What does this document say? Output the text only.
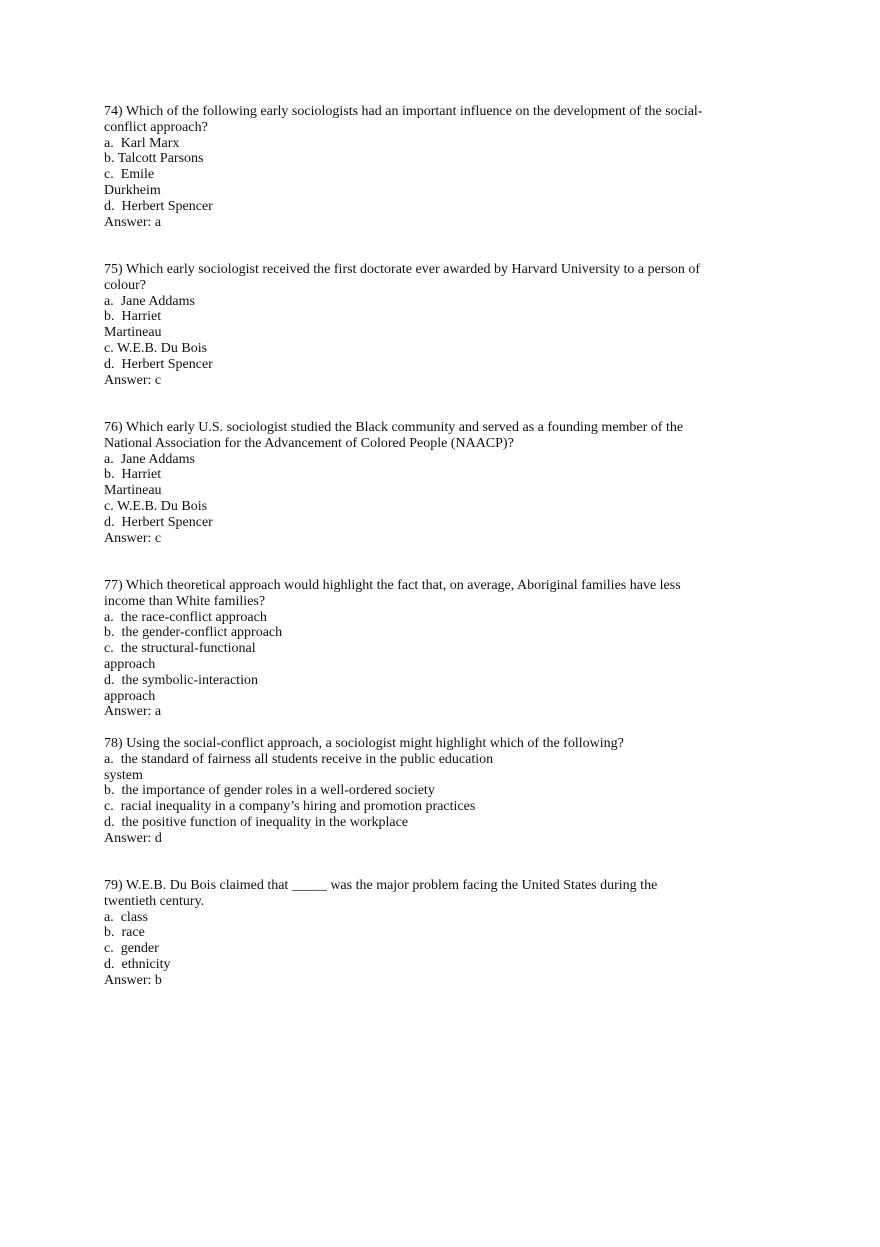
74) Which of the following early sociologists had an important influence on the development of the social-
conflict approach?
a.  Karl Marx
b. Talcott Parsons
c.  Emile
Durkheim
d.  Herbert Spencer
Answer: a
75) Which early sociologist received the first doctorate ever awarded by Harvard University to a person of
colour?
a.  Jane Addams
b.  Harriet
Martineau
c. W.E.B. Du Bois
d.  Herbert Spencer
Answer: c
76) Which early U.S. sociologist studied the Black community and served as a founding member of the
National Association for the Advancement of Colored People (NAACP)?
a.  Jane Addams
b.  Harriet
Martineau
c. W.E.B. Du Bois
d.  Herbert Spencer
Answer: c
77) Which theoretical approach would highlight the fact that, on average, Aboriginal families have less
income than White families?
a.  the race-conflict approach
b.  the gender-conflict approach
c.  the structural-functional
approach
d.  the symbolic-interaction
approach
Answer: a
78) Using the social-conflict approach, a sociologist might highlight which of the following?
a.  the standard of fairness all students receive in the public education
system
b.  the importance of gender roles in a well-ordered society
c.  racial inequality in a company’s hiring and promotion practices
d.  the positive function of inequality in the workplace
Answer: d
79) W.E.B. Du Bois claimed that _____ was the major problem facing the United States during the
twentieth century.
a.  class
b.  race
c.  gender
d.  ethnicity
Answer: b
